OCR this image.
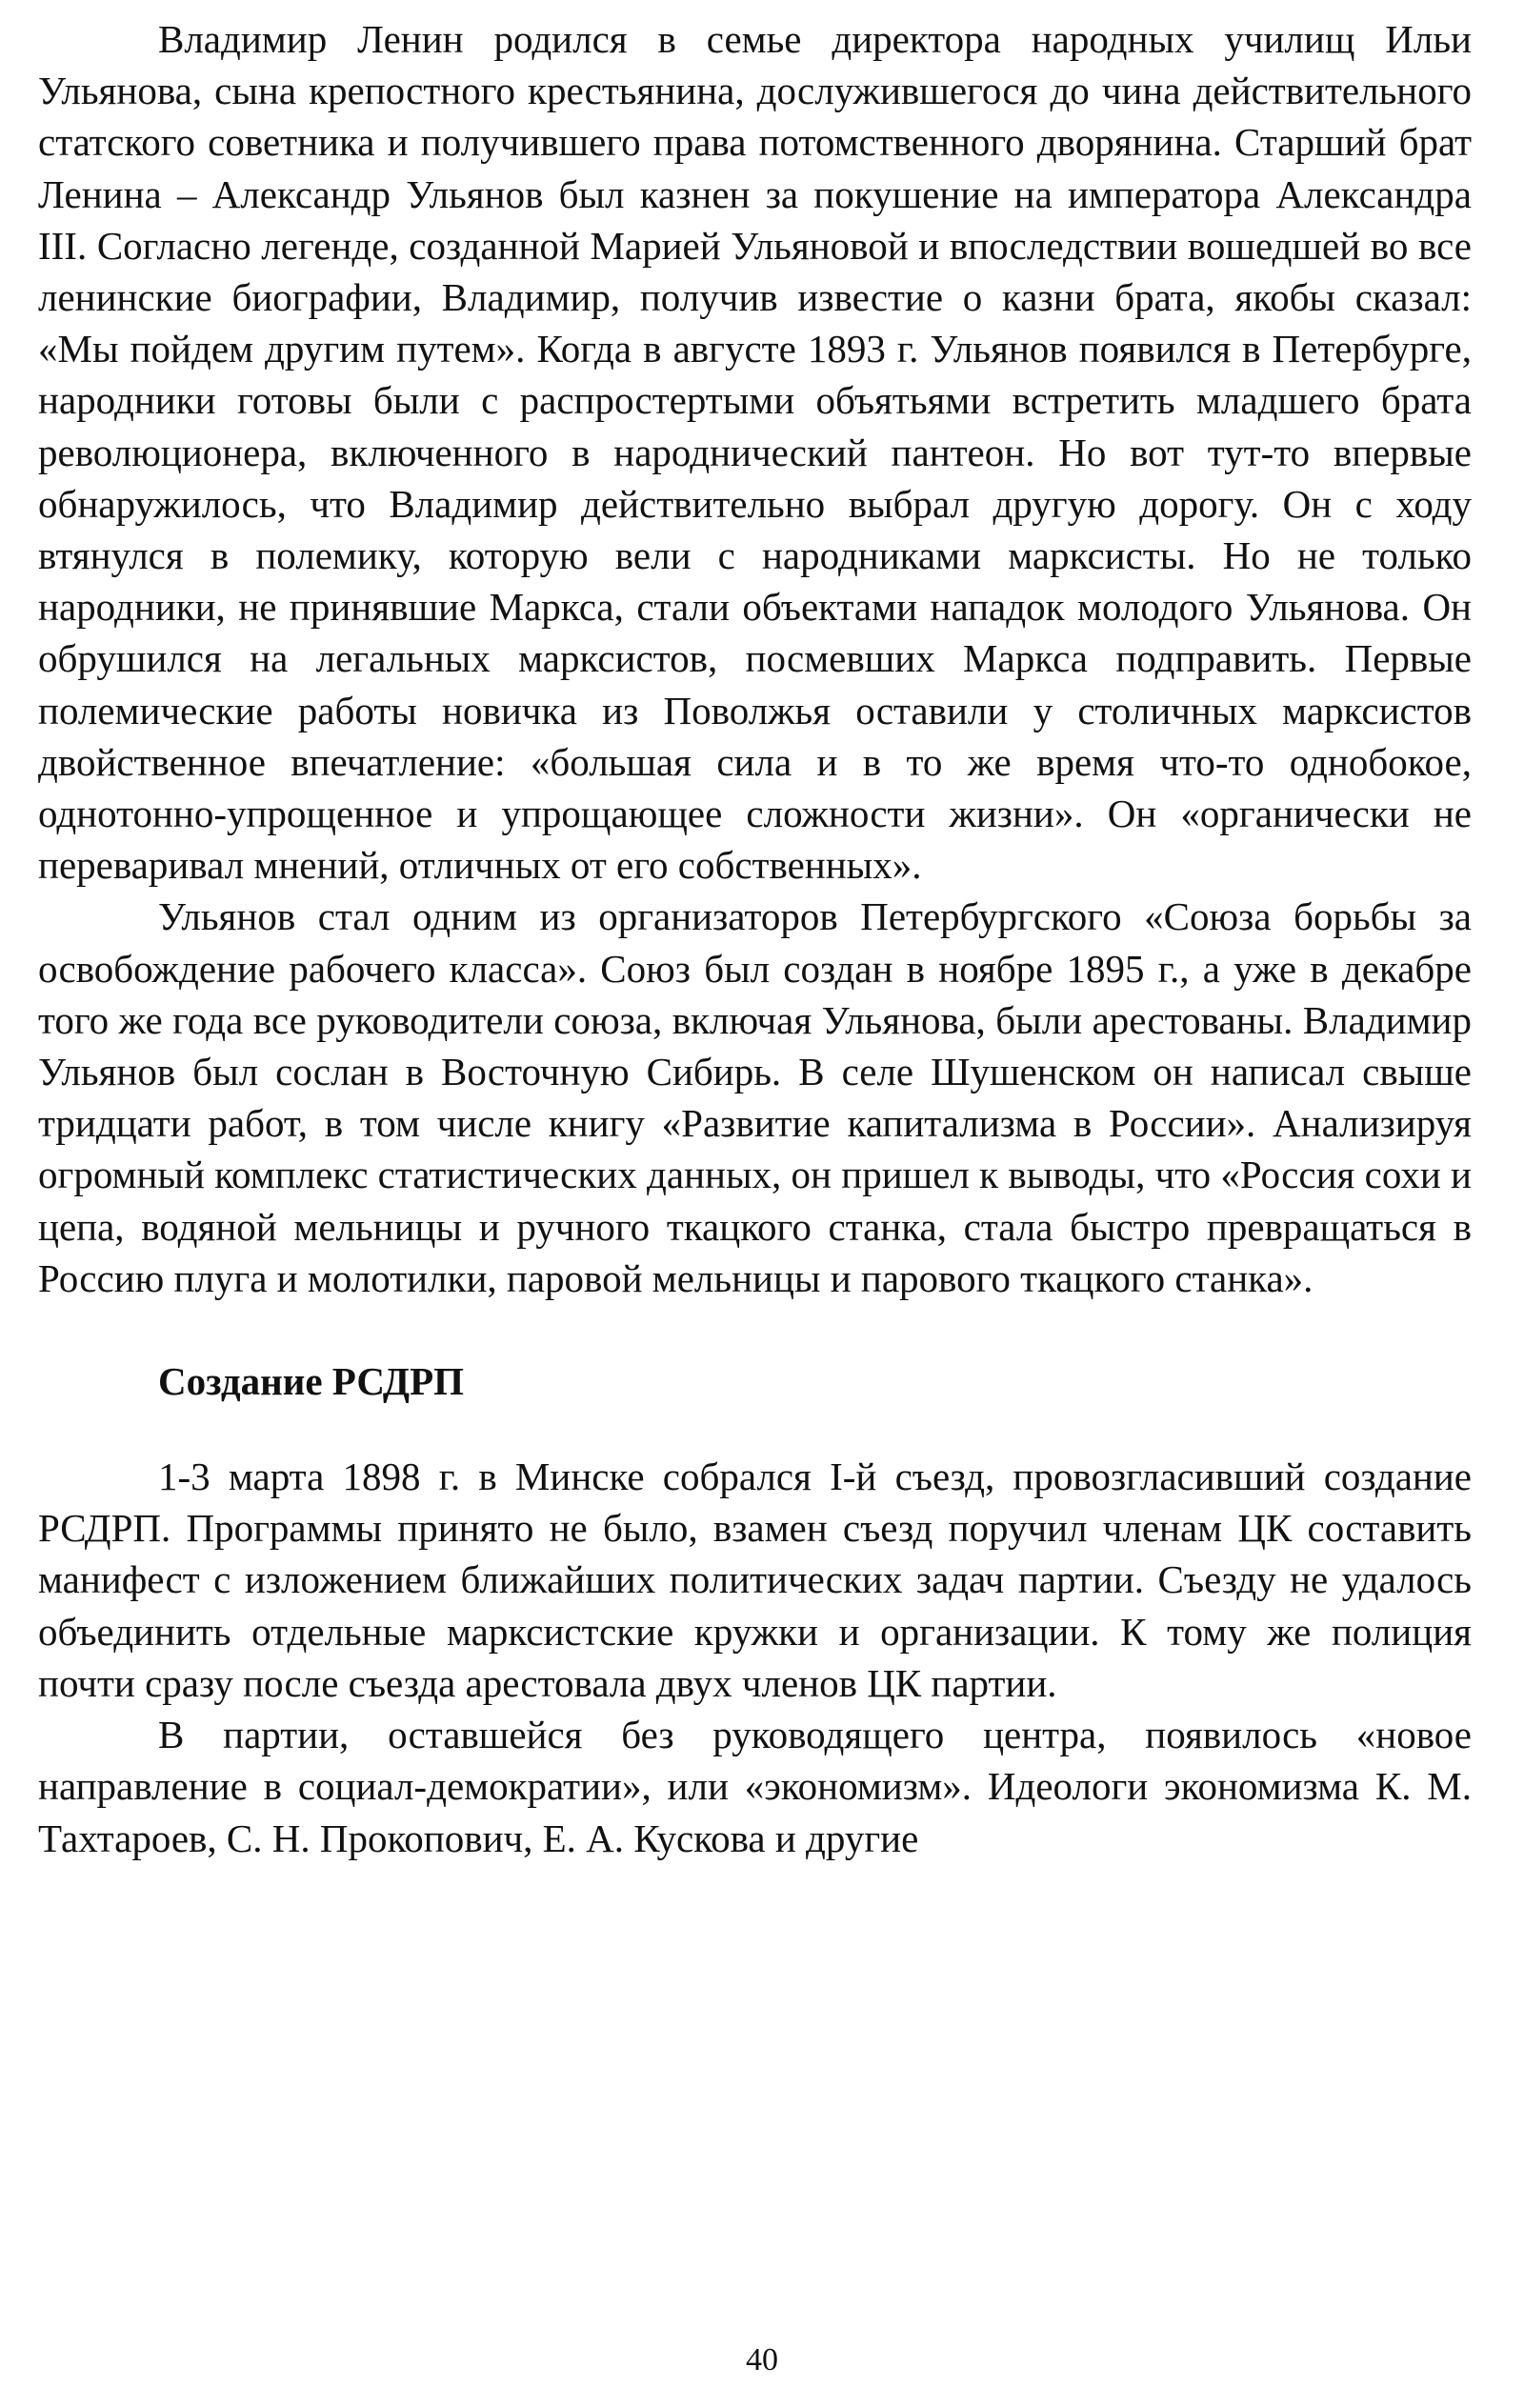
Владимир Ленин родился в семье директора народных училищ Ильи Ульянова, сына крепостного крестьянина, дослужившегося до чина действительного статского советника и получившего права потомственного дворянина. Старший брат Ленина – Александр Ульянов был казнен за покушение на императора Александра III. Согласно легенде, созданной Марией Ульяновой и впоследствии вошедшей во все ленинские биографии, Владимир, получив известие о казни брата, якобы сказал: «Мы пойдем другим путем». Когда в августе 1893 г. Ульянов появился в Петербурге, народники готовы были с распростертыми объятьями встретить младшего брата революционера, включенного в народнический пантеон. Но вот тут-то впервые обнаружилось, что Владимир действительно выбрал другую дорогу. Он с ходу втянулся в полемику, которую вели с народниками марксисты. Но не только народники, не принявшие Маркса, стали объектами нападок молодого Ульянова. Он обрушился на легальных марксистов, посмевших Маркса подправить. Первые полемические работы новичка из Поволжья оставили у столичных марксистов двойственное впечатление: «большая сила и в то же время что-то однобокое, однотонно-упрощенное и упрощающее сложности жизни». Он «органически не переваривал мнений, отличных от его собственных».

Ульянов стал одним из организаторов Петербургского «Союза борьбы за освобождение рабочего класса». Союз был создан в ноябре 1895 г., а уже в декабре того же года все руководители союза, включая Ульянова, были арестованы. Владимир Ульянов был сослан в Восточную Сибирь. В селе Шушенском он написал свыше тридцати работ, в том числе книгу «Развитие капитализма в России». Анализируя огромный комплекс статистических данных, он пришел к выводы, что «Россия сохи и цепа, водяной мельницы и ручного ткацкого станка, стала быстро превращаться в Россию плуга и молотилки, паровой мельницы и парового ткацкого станка».

Создание РСДРП

1-3 марта 1898 г. в Минске собрался I-й съезд, провозгласивший создание РСДРП. Программы принято не было, взамен съезд поручил членам ЦК составить манифест с изложением ближайших политических задач партии. Съезду не удалось объединить отдельные марксистские кружки и организации. К тому же полиция почти сразу после съезда арестовала двух членов ЦК партии.

В партии, оставшейся без руководящего центра, появилось «новое направление в социал-демократии», или «экономизм». Идеологи экономизма К. М. Тахтароев, С. Н. Прокопович, Е. А. Кускова и другие

40
